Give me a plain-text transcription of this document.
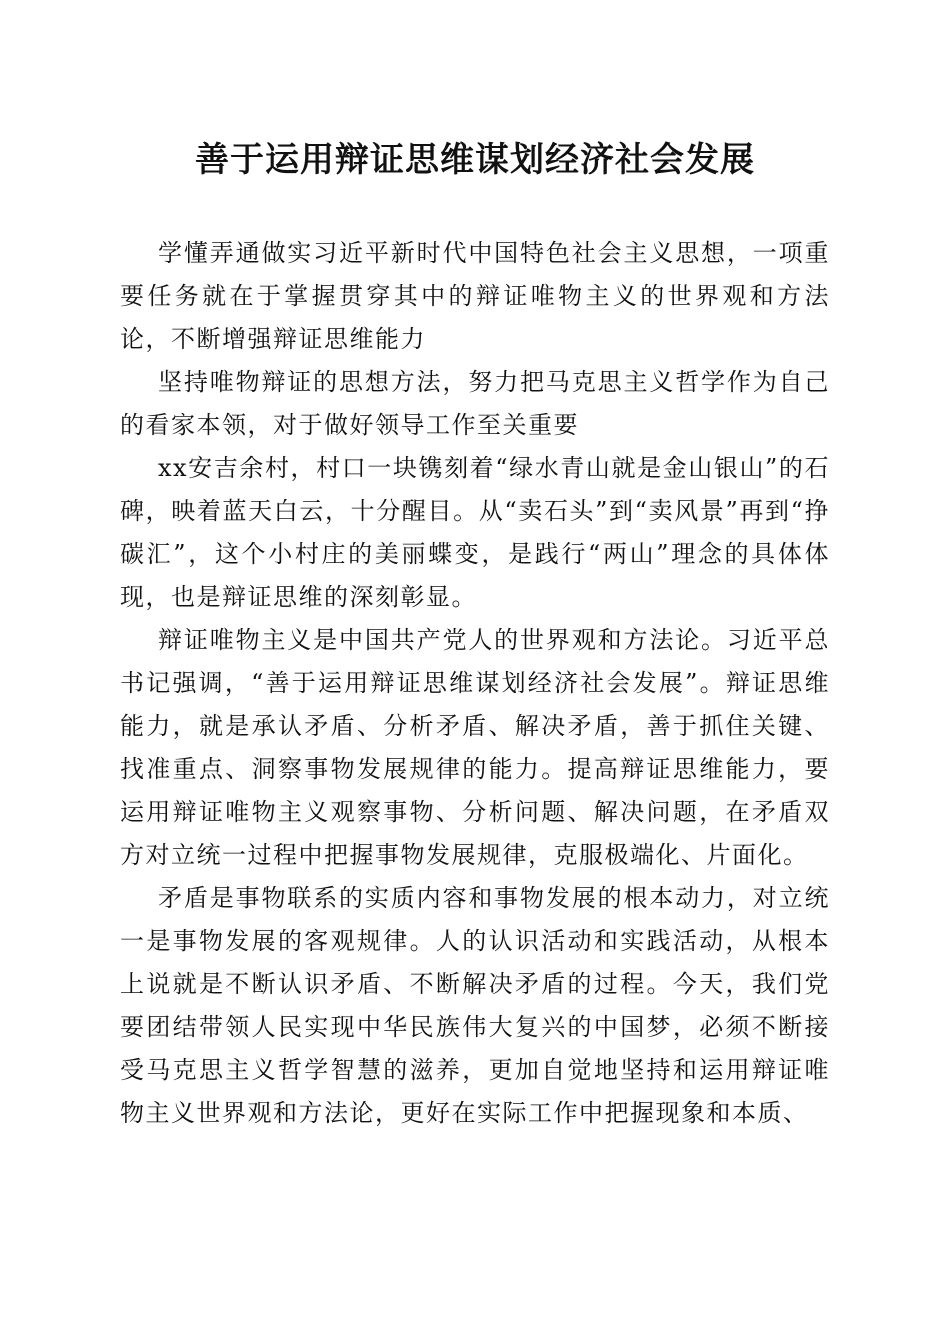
善于运用辩证思维谋划经济社会发展

学懂弄通做实习近平新时代中国特色社会主义思想，一项重要任务就在于掌握贯穿其中的辩证唯物主义的世界观和方法论，不断增强辩证思维能力

坚持唯物辩证的思想方法，努力把马克思主义哲学作为自己的看家本领，对于做好领导工作至关重要

xx安吉余村，村口一块镌刻着“绿水青山就是金山银山”的石碑，映着蓝天白云，十分醒目。从“卖石头”到“卖风景”再到“挣碳汇”，这个小村庄的美丽蝶变，是践行“两山”理念的具体体现，也是辩证思维的深刻彰显。

辩证唯物主义是中国共产党人的世界观和方法论。习近平总书记强调，“善于运用辩证思维谋划经济社会发展”。辩证思维能力，就是承认矛盾、分析矛盾、解决矛盾，善于抓住关键、找准重点、洞察事物发展规律的能力。提高辩证思维能力，要运用辩证唯物主义观察事物、分析问题、解决问题，在矛盾双方对立统一过程中把握事物发展规律，克服极端化、片面化。

矛盾是事物联系的实质内容和事物发展的根本动力，对立统一是事物发展的客观规律。人的认识活动和实践活动，从根本上说就是不断认识矛盾、不断解决矛盾的过程。今天，我们党要团结带领人民实现中华民族伟大复兴的中国梦，必须不断接受马克思主义哲学智慧的滋养，更加自觉地坚持和运用辩证唯物主义世界观和方法论，更好在实际工作中把握现象和本质、
